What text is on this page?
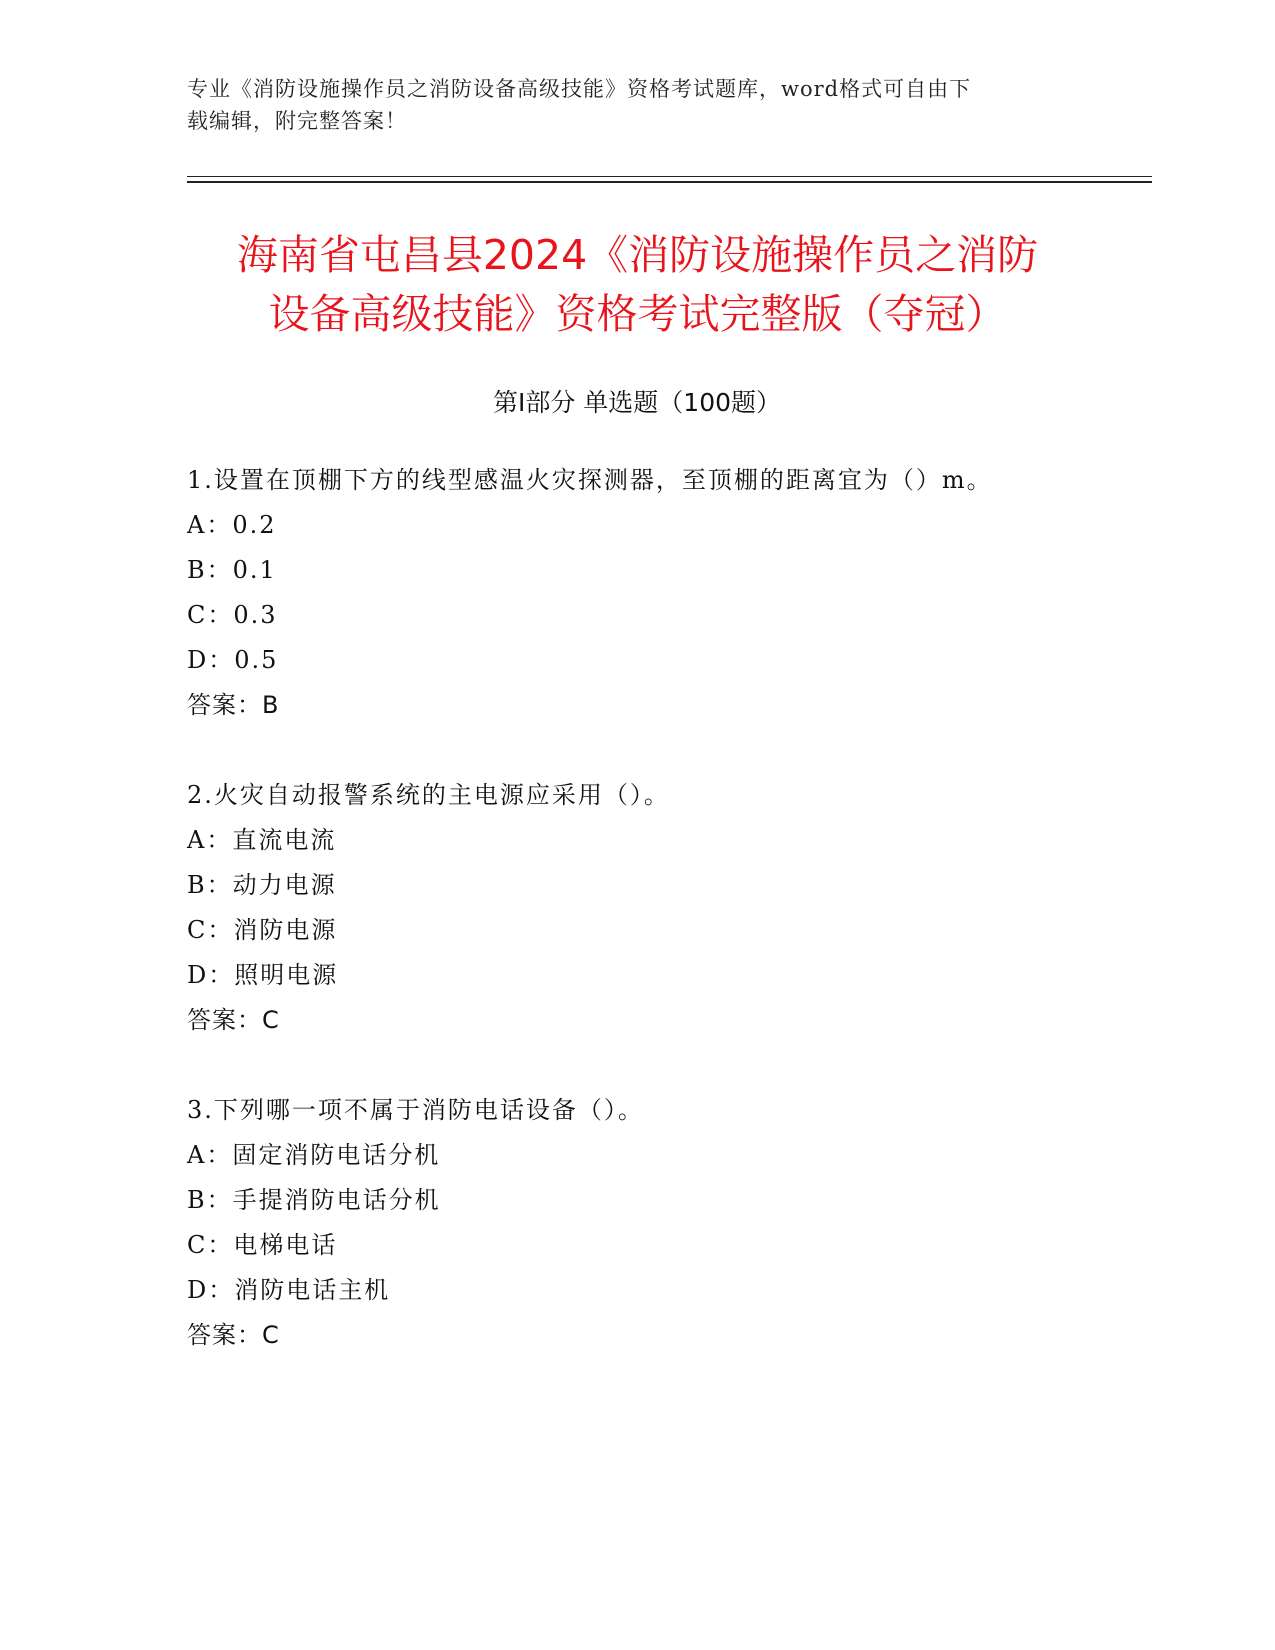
专业《消防设施操作员之消防设备高级技能》资格考试题库，word格式可自由下
载编辑，附完整答案！
海南省屯昌县2024《消防设施操作员之消防
设备高级技能》资格考试完整版（夺冠）
第Ⅰ部分 单选题（100题）
1.设置在顶棚下方的线型感温火灾探测器，至顶棚的距离宜为（）m。
A：0.2
B：0.1
C：0.3
D：0.5
答案：B
2.火灾自动报警系统的主电源应采用（）。
A：直流电流
B：动力电源
C：消防电源
D：照明电源
答案：C
3.下列哪一项不属于消防电话设备（）。
A：固定消防电话分机
B：手提消防电话分机
C：电梯电话
D：消防电话主机
答案：C
